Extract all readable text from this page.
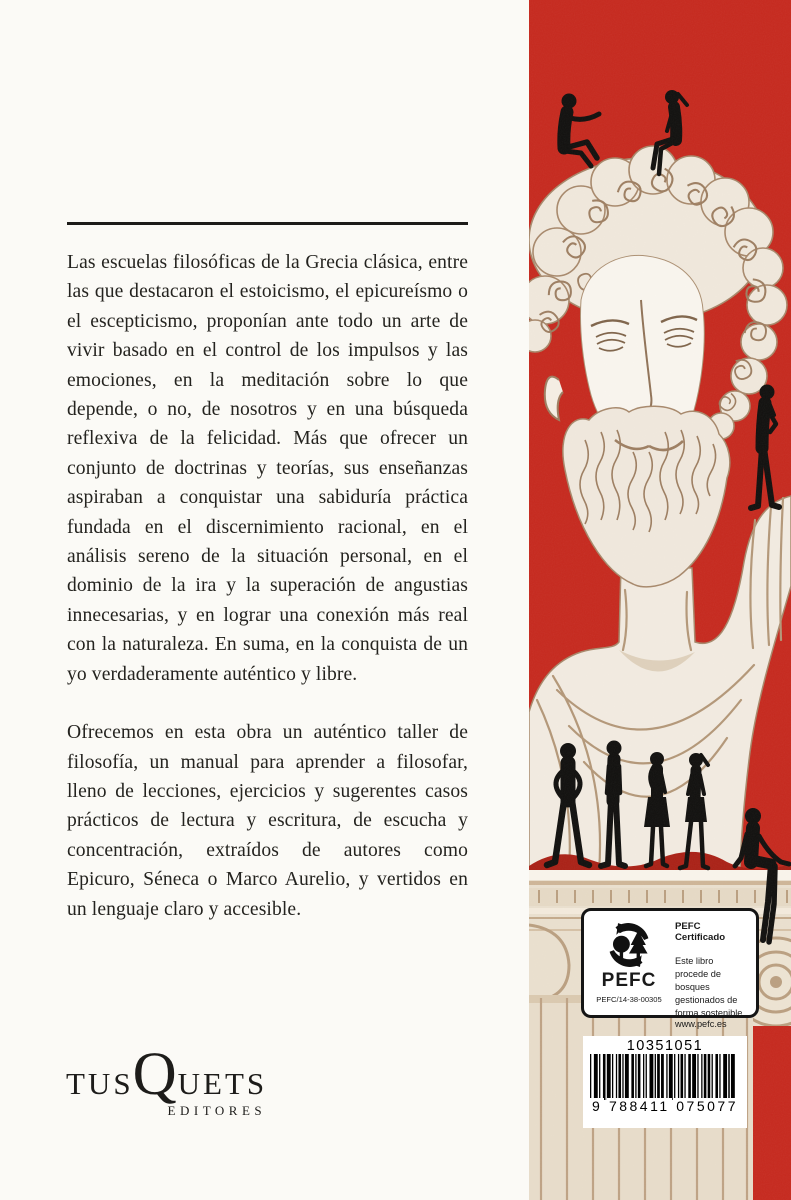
Las escuelas filosóficas de la Grecia clásica, entre las que destacaron el estoicismo, el epicureísmo o el escepticismo, proponían ante todo un arte de vivir basado en el control de los impulsos y las emociones, en la meditación sobre lo que depende, o no, de nosotros y en una búsqueda reflexiva de la felicidad. Más que ofrecer un conjunto de doctrinas y teorías, sus enseñanzas aspiraban a conquistar una sabiduría práctica fundada en el discernimiento racional, en el análisis sereno de la situación personal, en el dominio de la ira y la superación de angustias innecesarias, y en lograr una conexión más real con la naturaleza. En suma, en la conquista de un yo verdaderamente auténtico y libre.

Ofrecemos en esta obra un auténtico taller de filosofía, un manual para aprender a filosofar, lleno de lecciones, ejercicios y sugerentes casos prácticos de lectura y escritura, de escucha y concentración, extraídos de autores como Epicuro, Séneca o Marco Aurelio, y vertidos en un lenguaje claro y accesible.

PEFC
PEFC/14-38-00305
PEFC Certificado
Este libro procede de bosques gestionados de forma sostenible
www.pefc.es
10351051
9 788411 075077
TUS Q UETS
EDITORES
